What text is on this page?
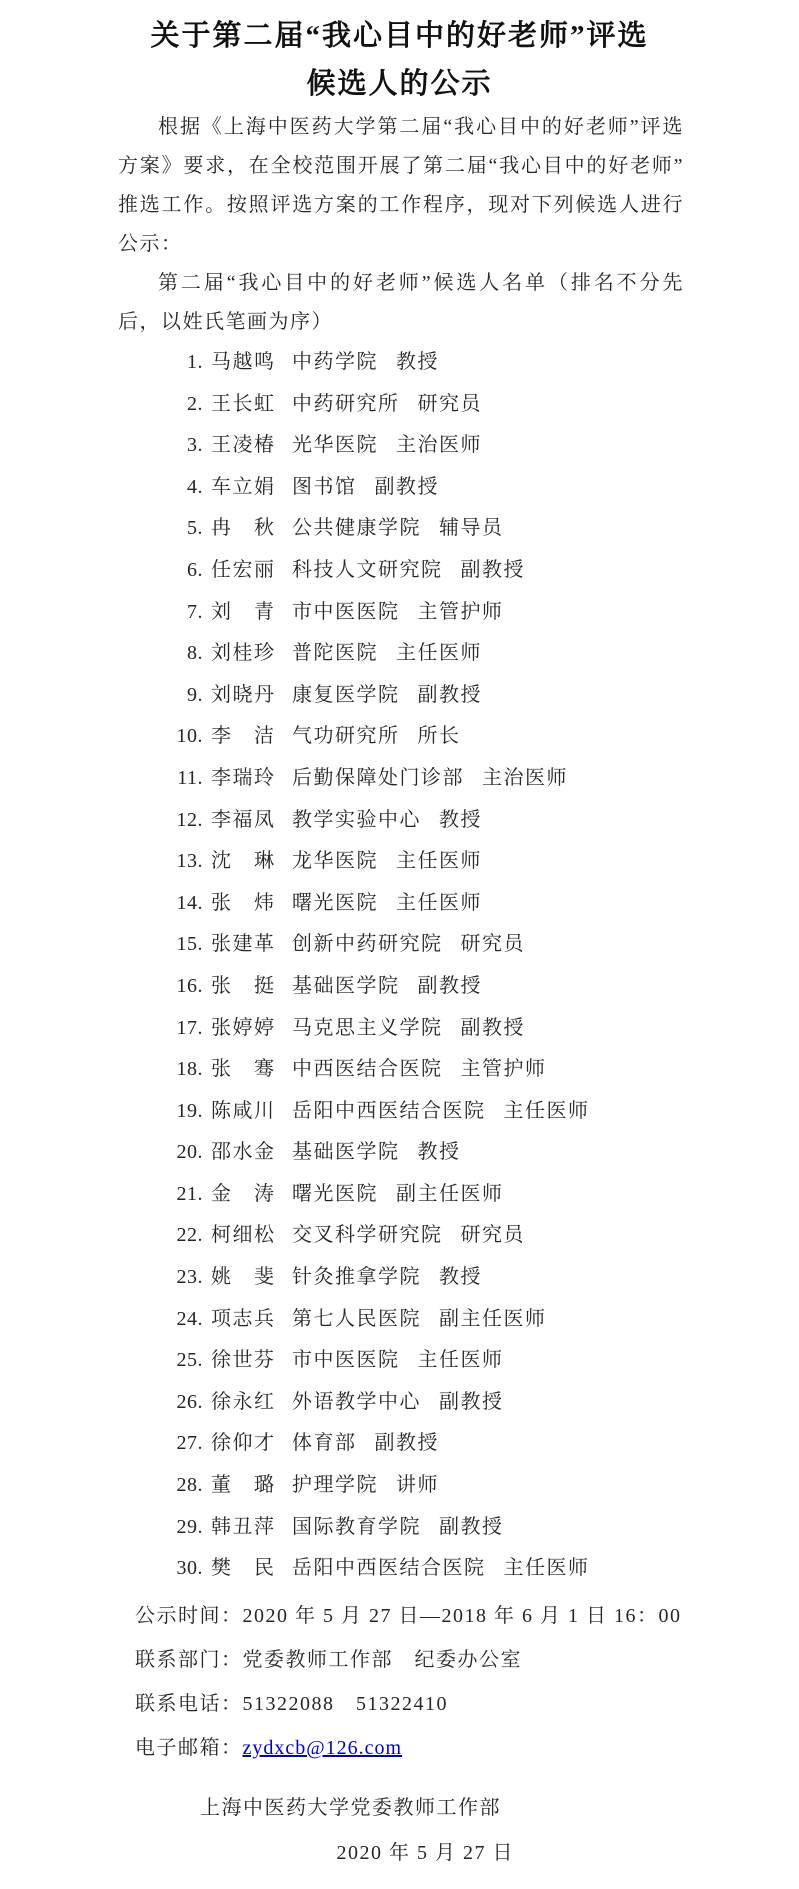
关于第二届“我心目中的好老师”评选
候选人的公示

根据《上海中医药大学第二届“我心目中的好老师”评选方案》要求，在全校范围开展了第二届“我心目中的好老师”推选工作。按照评选方案的工作程序，现对下列候选人进行公示：

第二届“我心目中的好老师”候选人名单（排名不分先后，以姓氏笔画为序）

1. 马越鸣 中药学院 教授
2. 王长虹 中药研究所 研究员
3. 王凌椿 光华医院 主治医师
4. 车立娟 图书馆 副教授
5. 冉　秋 公共健康学院 辅导员
6. 任宏丽 科技人文研究院 副教授
7. 刘　青 市中医医院 主管护师
8. 刘桂珍 普陀医院 主任医师
9. 刘晓丹 康复医学院 副教授
10. 李　洁 气功研究所 所长
11. 李瑞玲 后勤保障处门诊部 主治医师
12. 李福凤 教学实验中心 教授
13. 沈　琳 龙华医院 主任医师
14. 张　炜 曙光医院 主任医师
15. 张建革 创新中药研究院 研究员
16. 张　挺 基础医学院 副教授
17. 张婷婷 马克思主义学院 副教授
18. 张　骞 中西医结合医院 主管护师
19. 陈咸川 岳阳中西医结合医院 主任医师
20. 邵水金 基础医学院 教授
21. 金　涛 曙光医院 副主任医师
22. 柯细松 交叉科学研究院 研究员
23. 姚　斐 针灸推拿学院 教授
24. 项志兵 第七人民医院 副主任医师
25. 徐世芬 市中医医院 主任医师
26. 徐永红 外语教学中心 副教授
27. 徐仰才 体育部 副教授
28. 董　璐 护理学院 讲师
29. 韩丑萍 国际教育学院 副教授
30. 樊　民 岳阳中西医结合医院 主任医师
公示时间：2020 年 5 月 27 日—2018 年 6 月 1 日 16：00
联系部门：党委教师工作部　纪委办公室
联系电话：51322088　51322410
电子邮箱：zydxcb@126.com
上海中医药大学党委教师工作部
2020 年 5 月 27 日
